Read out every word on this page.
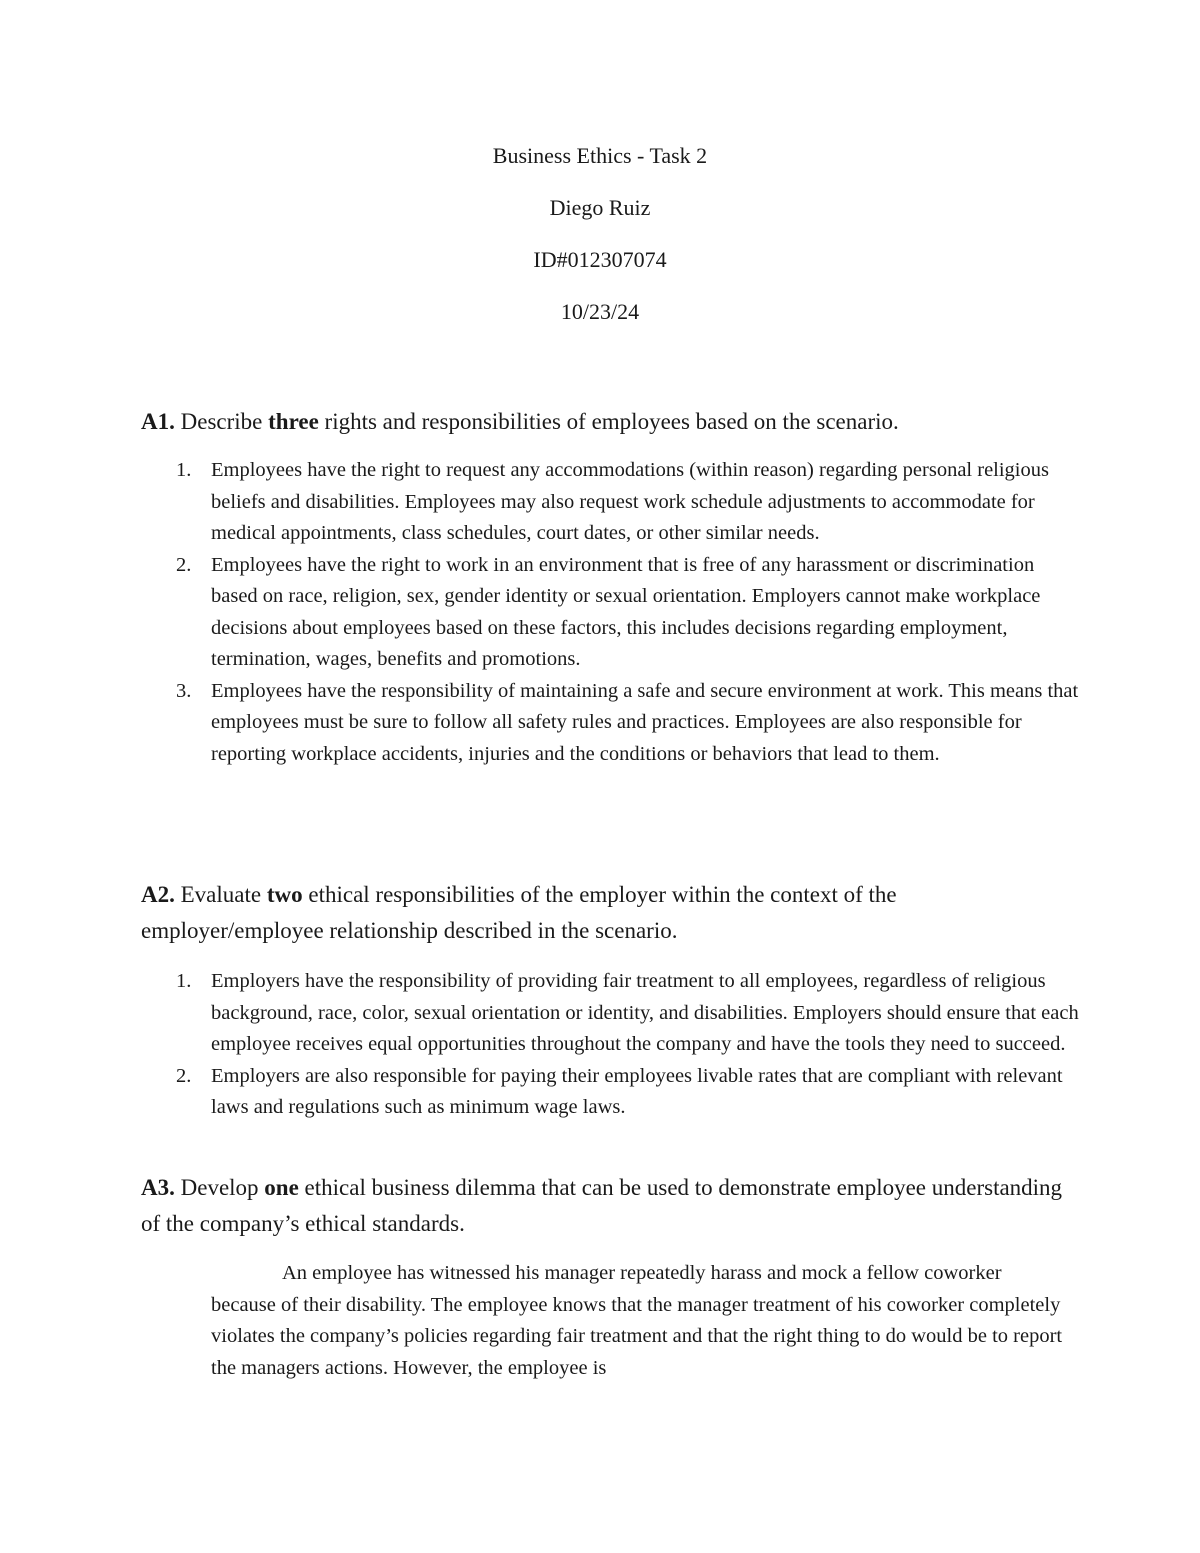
Business Ethics - Task 2
Diego Ruiz
ID#012307074
10/23/24
A1. Describe three rights and responsibilities of employees based on the scenario.
1. Employees have the right to request any accommodations (within reason) regarding personal religious beliefs and disabilities. Employees may also request work schedule adjustments to accommodate for medical appointments, class schedules, court dates, or other similar needs.
2. Employees have the right to work in an environment that is free of any harassment or discrimination based on race, religion, sex, gender identity or sexual orientation. Employers cannot make workplace decisions about employees based on these factors, this includes decisions regarding employment, termination, wages, benefits and promotions.
3. Employees have the responsibility of maintaining a safe and secure environment at work. This means that employees must be sure to follow all safety rules and practices. Employees are also responsible for reporting workplace accidents, injuries and the conditions or behaviors that lead to them.
A2. Evaluate two ethical responsibilities of the employer within the context of the employer/employee relationship described in the scenario.
1. Employers have the responsibility of providing fair treatment to all employees, regardless of religious background, race, color, sexual orientation or identity, and disabilities. Employers should ensure that each employee receives equal opportunities throughout the company and have the tools they need to succeed.
2. Employers are also responsible for paying their employees livable rates that are compliant with relevant laws and regulations such as minimum wage laws.
A3. Develop one ethical business dilemma that can be used to demonstrate employee understanding of the company’s ethical standards.

An employee has witnessed his manager repeatedly harass and mock a fellow coworker because of their disability. The employee knows that the manager treatment of his coworker completely violates the company’s policies regarding fair treatment and that the right thing to do would be to report the managers actions. However, the employee is
